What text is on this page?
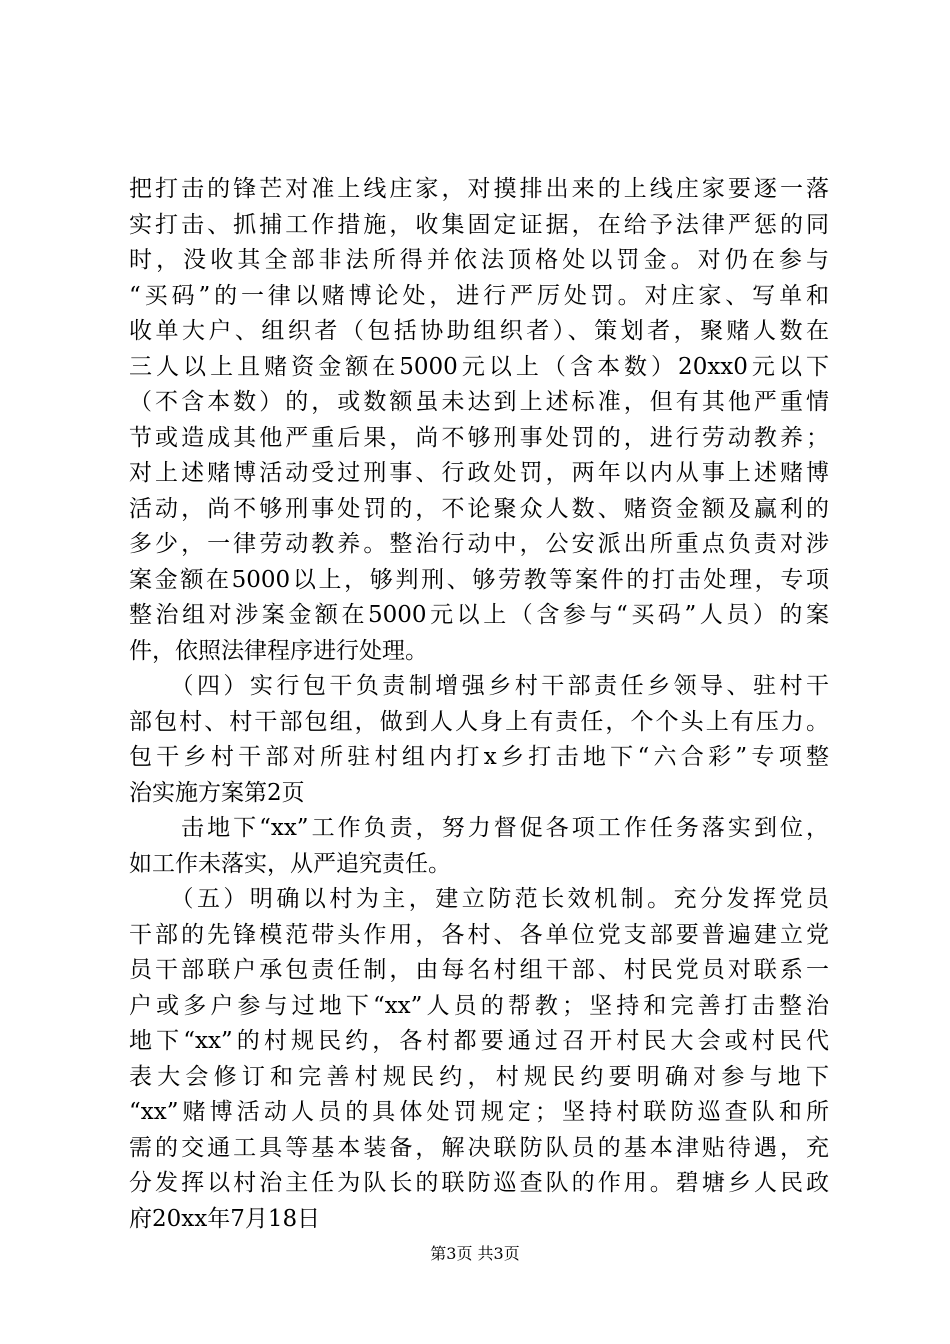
把打击的锋芒对准上线庄家，对摸排出来的上线庄家要逐一落
实打击、抓捕工作措施，收集固定证据，在给予法律严惩的同
时，没收其全部非法所得并依法顶格处以罚金。对仍在参与
“买码”的一律以赌博论处，进行严厉处罚。对庄家、写单和
收单大户、组织者（包括协助组织者）、策划者，聚赌人数在
三人以上且赌资金额在5000元以上（含本数）20xx0元以下
（不含本数）的，或数额虽未达到上述标准，但有其他严重情
节或造成其他严重后果，尚不够刑事处罚的，进行劳动教养；
对上述赌博活动受过刑事、行政处罚，两年以内从事上述赌博
活动，尚不够刑事处罚的，不论聚众人数、赌资金额及赢利的
多少，一律劳动教养。整治行动中，公安派出所重点负责对涉
案金额在5000以上，够判刑、够劳教等案件的打击处理，专项
整治组对涉案金额在5000元以上（含参与“买码”人员）的案
件，依照法律程序进行处理。
　　（四）实行包干负责制增强乡村干部责任乡领导、驻村干
部包村、村干部包组，做到人人身上有责任，个个头上有压力。
包干乡村干部对所驻村组内打x乡打击地下“六合彩”专项整
治实施方案第2页
　　击地下“xx”工作负责，努力督促各项工作任务落实到位，
如工作未落实，从严追究责任。
　　（五）明确以村为主，建立防范长效机制。充分发挥党员
干部的先锋模范带头作用，各村、各单位党支部要普遍建立党
员干部联户承包责任制，由每名村组干部、村民党员对联系一
户或多户参与过地下“xx”人员的帮教；坚持和完善打击整治
地下“xx”的村规民约，各村都要通过召开村民大会或村民代
表大会修订和完善村规民约，村规民约要明确对参与地下
“xx”赌博活动人员的具体处罚规定；坚持村联防巡查队和所
需的交通工具等基本装备，解决联防队员的基本津贴待遇，充
分发挥以村治主任为队长的联防巡查队的作用。碧塘乡人民政
府20xx年7月18日
第3页 共3页
